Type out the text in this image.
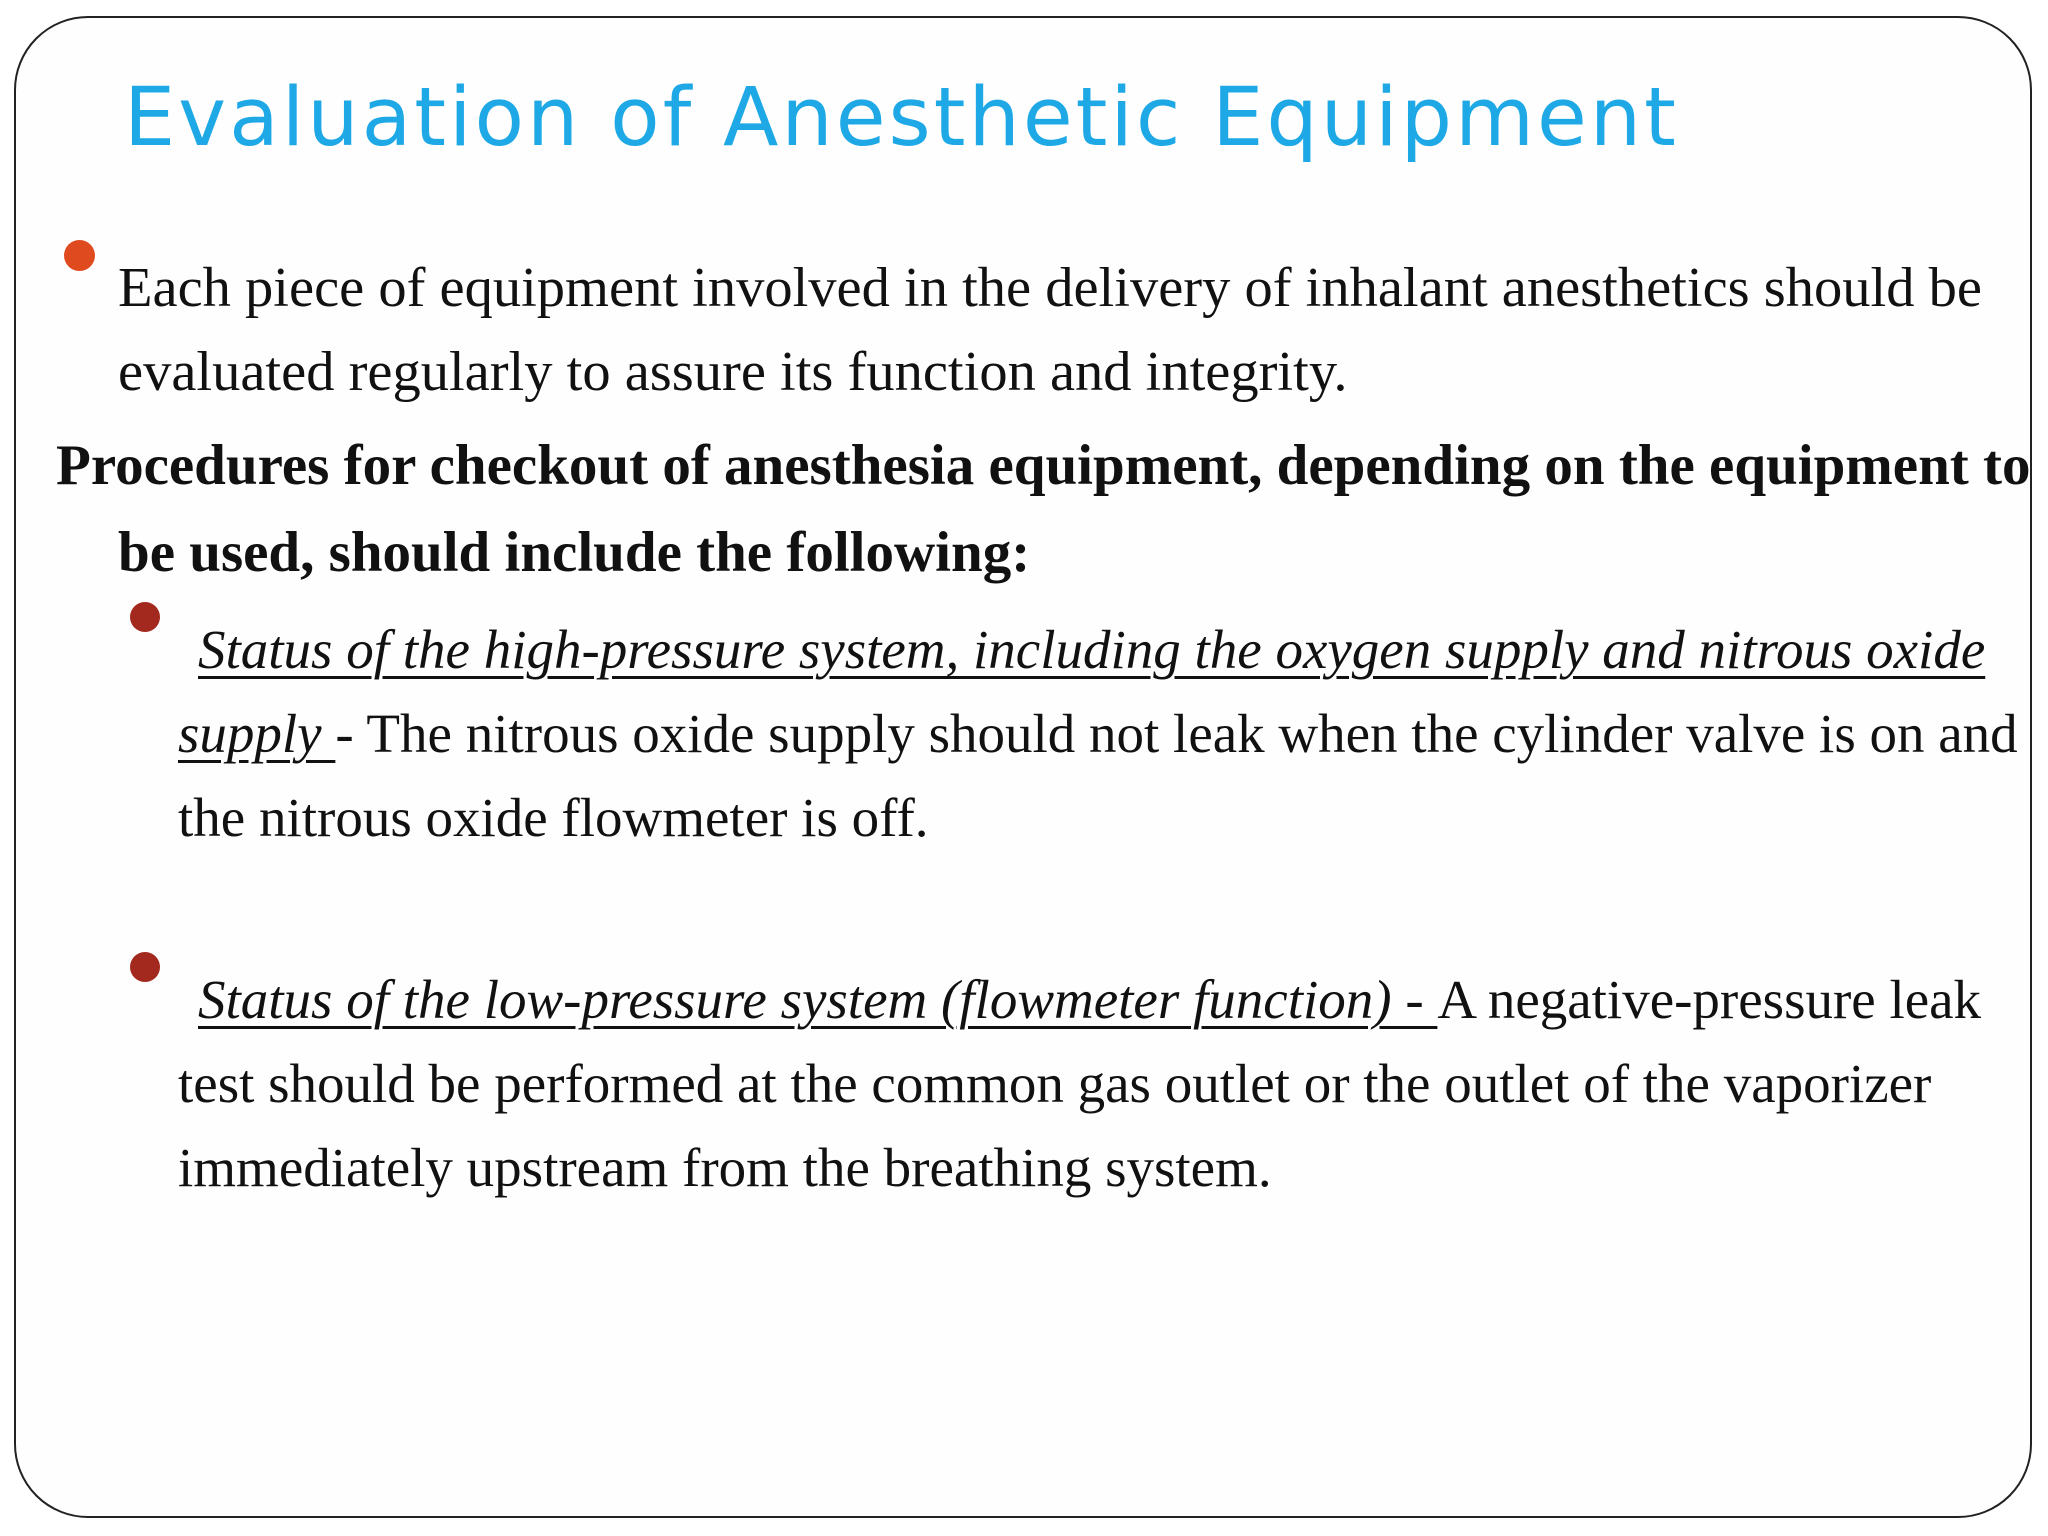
Evaluation of Anesthetic Equipment

Each piece of equipment involved in the delivery of inhalant anesthetics should be evaluated regularly to assure its function and integrity.

Procedures for checkout of anesthesia equipment, depending on the equipment to be used, should include the following:

Status of the high-pressure system, including the oxygen supply and nitrous oxide supply - The nitrous oxide supply should not leak when the cylinder valve is on and the nitrous oxide flowmeter is off.

Status of the low-pressure system (flowmeter function) - A negative-pressure leak test should be performed at the common gas outlet or the outlet of the vaporizer immediately upstream from the breathing system.
